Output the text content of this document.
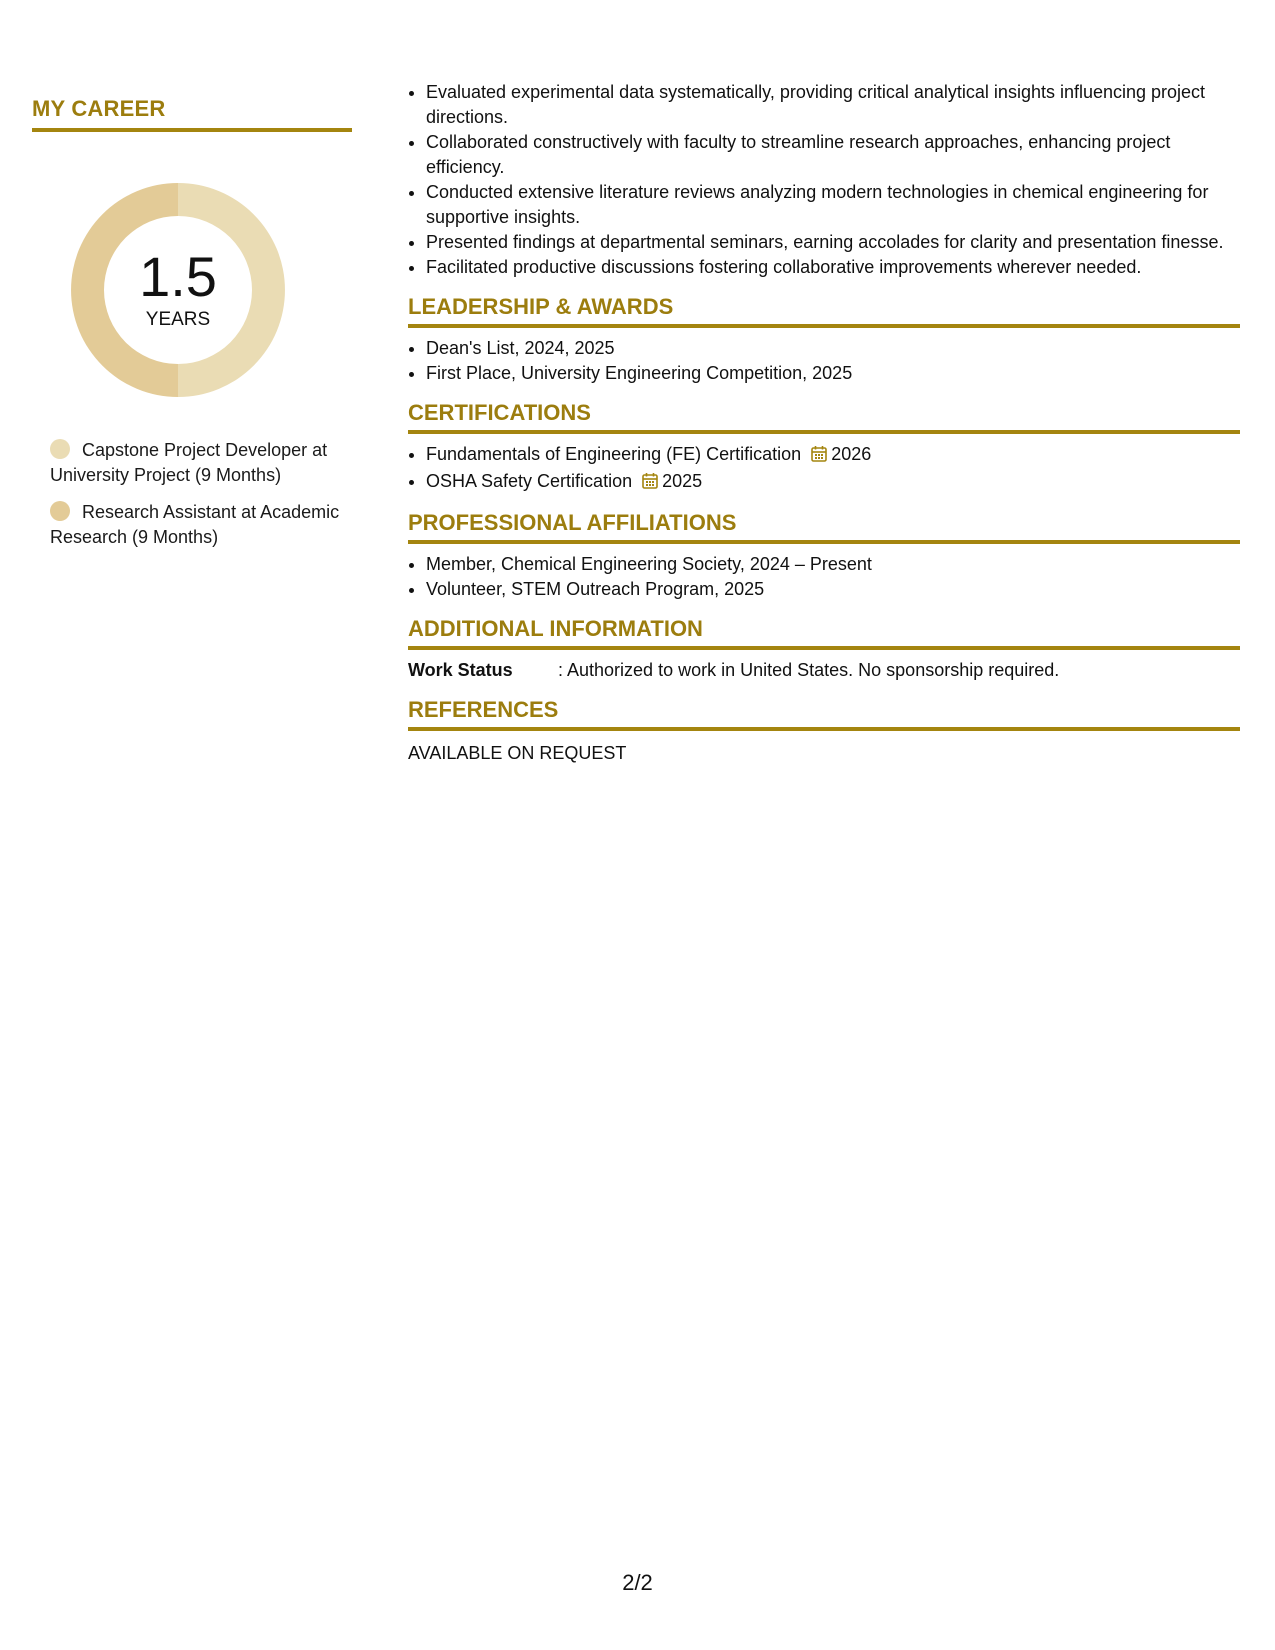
MY CAREER
1.5
YEARS
Capstone Project Developer at University Project (9 Months)
Research Assistant at Academic Research (9 Months)
• Evaluated experimental data systematically, providing critical analytical insights influencing project directions.
• Collaborated constructively with faculty to streamline research approaches, enhancing project efficiency.
• Conducted extensive literature reviews analyzing modern technologies in chemical engineering for supportive insights.
• Presented findings at departmental seminars, earning accolades for clarity and presentation finesse.
• Facilitated productive discussions fostering collaborative improvements wherever needed.
LEADERSHIP & AWARDS
• Dean's List, 2024, 2025
• First Place, University Engineering Competition, 2025
CERTIFICATIONS
• Fundamentals of Engineering (FE) Certification 2026
• OSHA Safety Certification 2025
PROFESSIONAL AFFILIATIONS
• Member, Chemical Engineering Society, 2024 – Present
• Volunteer, STEM Outreach Program, 2025
ADDITIONAL INFORMATION
Work Status	: Authorized to work in United States. No sponsorship required.
REFERENCES
AVAILABLE ON REQUEST
2/2
